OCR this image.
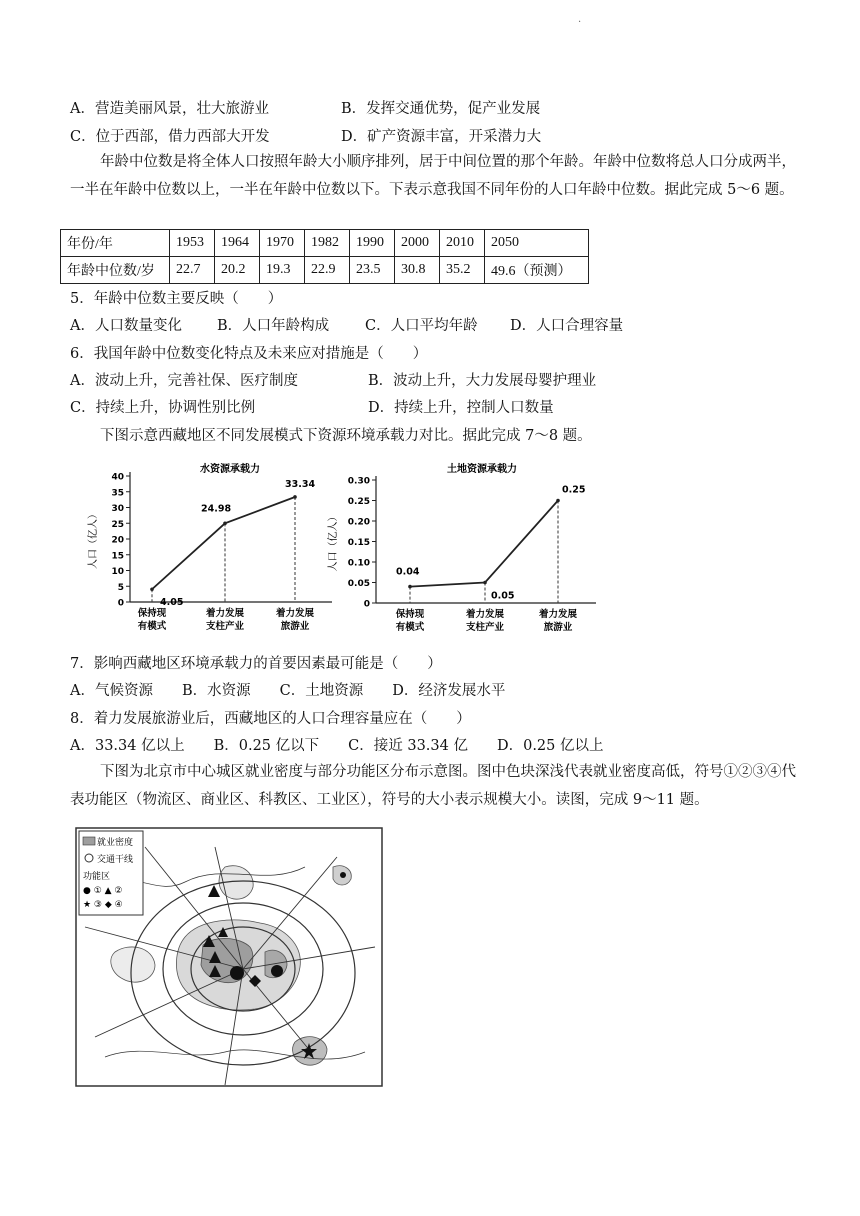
.
A．营造美丽风景，壮大旅游业	B．发挥交通优势，促产业发展
C．位于西部，借力西部大开发	D．矿产资源丰富，开采潜力大
年龄中位数是将全体人口按照年龄大小顺序排列，居于中间位置的那个年龄。年龄中位数将总人口分成两半，一半在年龄中位数以上，一半在年龄中位数以下。下表示意我国不同年份的人口年龄中位数。据此完成 5～6 题。
年份/年	1953	1964	1970	1982	1990	2000	2010	2050
年龄中位数/岁	22.7	20.2	19.3	22.9	23.5	30.8	35.2	49.6（预测）
5．年龄中位数主要反映（　　）
A．人口数量变化 B．人口年龄构成 C．人口平均年龄 D．人口合理容量
6．我国年龄中位数变化特点及未来应对措施是（　　）
A．波动上升，完善社保、医疗制度	B．波动上升，大力发展母婴护理业
C．持续上升，协调性别比例	D．持续上升，控制人口数量
下图示意西藏地区不同发展模式下资源环境承载力对比。据此完成 7～8 题。
水资源承载力
0
5
10
15
20
25
30
35
40
人口（亿人）
4.05
24.98
33.34
保持现
有模式
着力发展
支柱产业
着力发展
旅游业
土地资源承载力
0
0.05
0.10
0.15
0.20
0.25
0.30
人口（亿人）
0.04
0.05
0.25
保持现
有模式
着力发展
支柱产业
着力发展
旅游业
7．影响西藏地区环境承载力的首要因素最可能是（　　）
A．气候资源　　B．水资源　　C．土地资源　　D．经济发展水平
8．着力发展旅游业后，西藏地区的人口合理容量应在（　　）
A．33.34 亿以上　　B．0.25 亿以下　　C．接近 33.34 亿　　D．0.25 亿以上
下图为北京市中心城区就业密度与部分功能区分布示意图。图中色块深浅代表就业密度高低，符号①②③④代表功能区（物流区、商业区、科教区、工业区），符号的大小表示规模大小。读图，完成 9～11 题。
就业密度
交通干线
功能区
● ① ▲ ②
★ ③ ◆ ④
